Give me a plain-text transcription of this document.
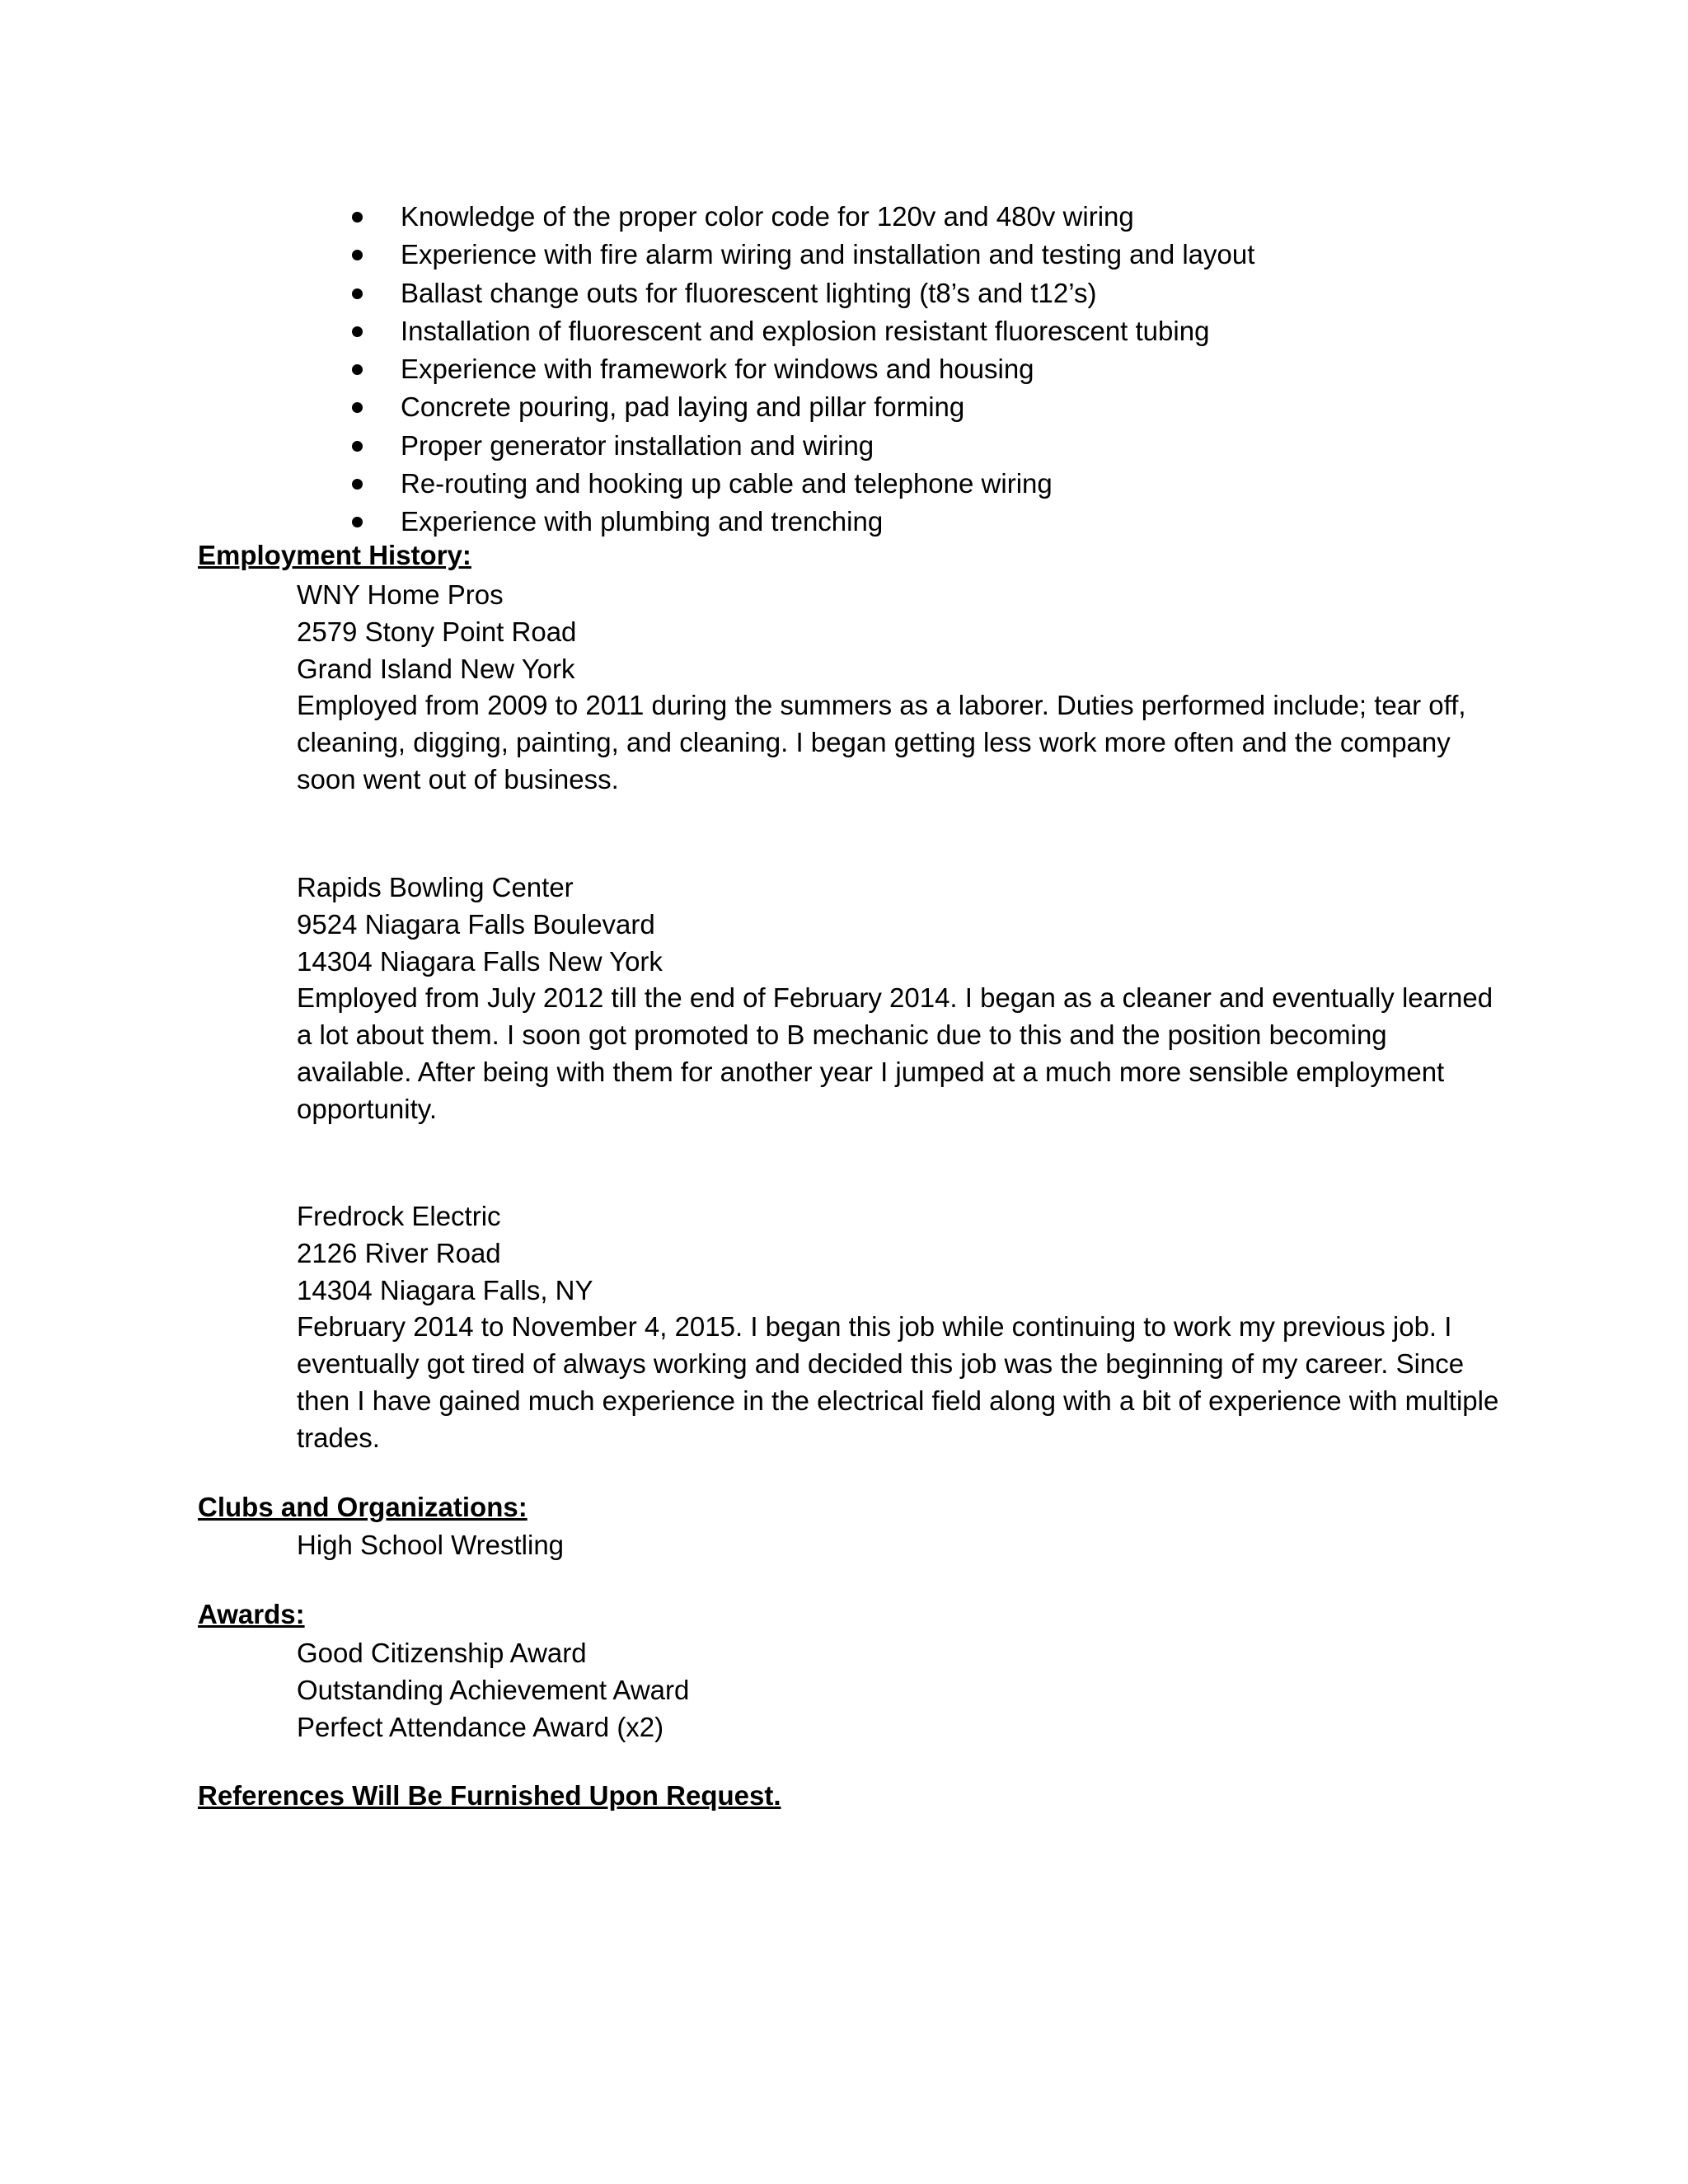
Knowledge of the proper color code for 120v and 480v wiring
Experience with fire alarm wiring and installation and testing and layout
Ballast change outs for fluorescent lighting (t8’s and t12’s)
Installation of fluorescent and explosion resistant fluorescent tubing
Experience with framework for windows and housing
Concrete pouring, pad laying and pillar forming
Proper generator installation and wiring
Re-routing and hooking up cable and telephone wiring
Experience with plumbing and trenching
Employment History:

WNY Home Pros

2579 Stony Point Road

Grand Island New York

Employed from 2009 to 2011 during the summers as a laborer. Duties performed include; tear off, cleaning, digging, painting, and cleaning. I began getting less work more often and the company soon went out of business.

Rapids Bowling Center

9524 Niagara Falls Boulevard

14304 Niagara Falls New York

Employed from July 2012 till the end of February 2014. I began as a cleaner and eventually learned a lot about them. I soon got promoted to B mechanic due to this and the position becoming available. After being with them for another year I jumped at a much more sensible employment opportunity.

Fredrock Electric

2126 River Road

14304 Niagara Falls, NY

February 2014 to November 4, 2015. I began this job while continuing to work my previous job. I eventually got tired of always working and decided this job was the beginning of my career. Since then I have gained much experience in the electrical field along with a bit of experience with multiple trades.

Clubs and Organizations:

High School Wrestling

Awards:

Good Citizenship Award

Outstanding Achievement Award

Perfect Attendance Award (x2)

References Will Be Furnished Upon Request.
